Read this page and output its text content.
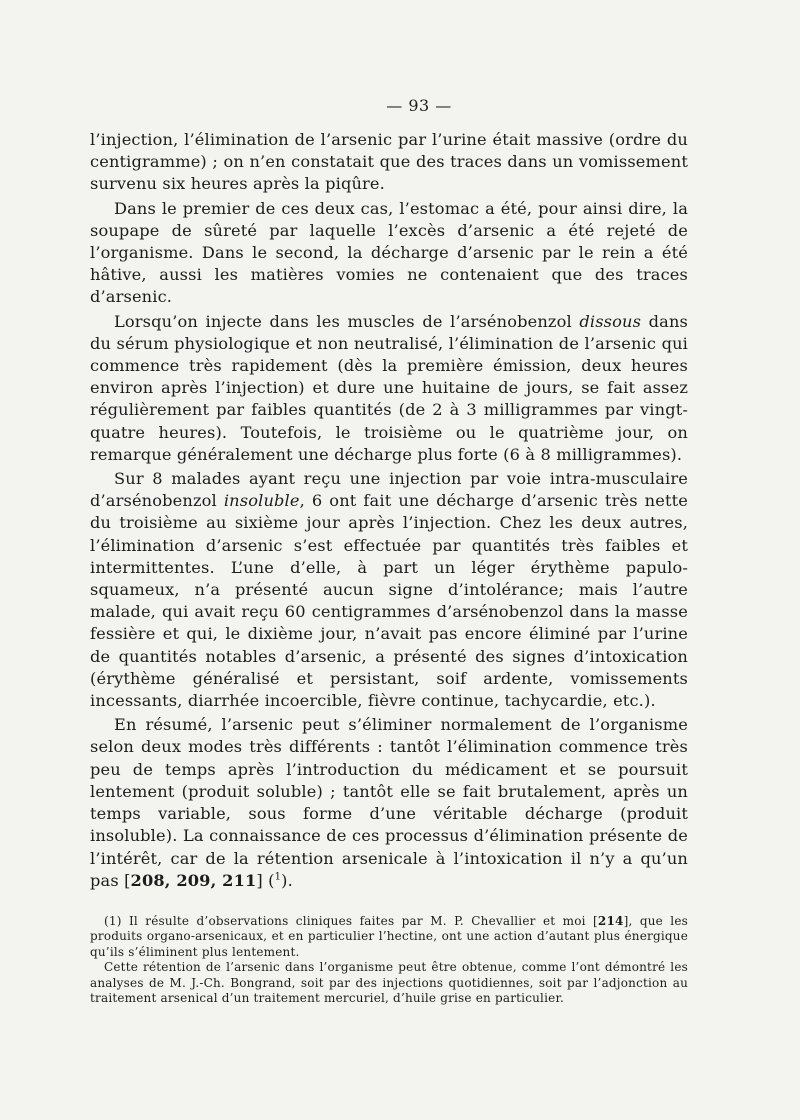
— 93 —

l’injection, l’élimination de l’arsenic par l’urine était massive (ordre du centigramme) ; on n’en constatait que des traces dans un vomissement survenu six heures après la piqûre.

Dans le premier de ces deux cas, l’estomac a été, pour ainsi dire, la soupape de sûreté par laquelle l’excès d’arsenic a été rejeté de l’organisme. Dans le second, la décharge d’arsenic par le rein a été hâtive, aussi les matières vomies ne contenaient que des traces d’arsenic.

Lorsqu’on injecte dans les muscles de l’arsénobenzol dissous dans du sérum physiologique et non neutralisé, l’élimination de l’arsenic qui commence très rapidement (dès la première émission, deux heures environ après l’injection) et dure une huitaine de jours, se fait assez régulièrement par faibles quantités (de 2 à 3 milligrammes par vingt-quatre heures). Toutefois, le troisième ou le quatrième jour, on remarque généralement une décharge plus forte (6 à 8 milligrammes).

Sur 8 malades ayant reçu une injection par voie intra-musculaire d’arsénobenzol insoluble, 6 ont fait une décharge d’arsenic très nette du troisième au sixième jour après l’injection. Chez les deux autres, l’élimination d’arsenic s’est effectuée par quantités très faibles et intermittentes. L’une d’elle, à part un léger érythème papulo-squameux, n’a présenté aucun signe d’intolérance; mais l’autre malade, qui avait reçu 60 centigrammes d’arsénobenzol dans la masse fessière et qui, le dixième jour, n’avait pas encore éliminé par l’urine de quantités notables d’arsenic, a présenté des signes d’intoxication (érythème généralisé et persistant, soif ardente, vomissements incessants, diarrhée incoercible, fièvre continue, tachycardie, etc.).

En résumé, l’arsenic peut s’éliminer normalement de l’organisme selon deux modes très différents : tantôt l’élimination commence très peu de temps après l’introduction du médicament et se poursuit lentement (produit soluble) ; tantôt elle se fait brutalement, après un temps variable, sous forme d’une véritable décharge (produit insoluble). La connaissance de ces processus d’élimination présente de l’intérêt, car de la rétention arsenicale à l’intoxication il n’y a qu’un pas [208, 209, 211] ($^1$).

(1) Il résulte d’observations cliniques faites par M. P. Chevallier et moi [214], que les produits organo-arsenicaux, et en particulier l’hectine, ont une action d’autant plus énergique qu’ils s’éliminent plus lentement.

Cette rétention de l’arsenic dans l’organisme peut être obtenue, comme l’ont démontré les analyses de M. J.-Ch. Bongrand, soit par des injections quotidiennes, soit par l’adjonction au traitement arsenical d’un traitement mercuriel, d’huile grise en particulier.
